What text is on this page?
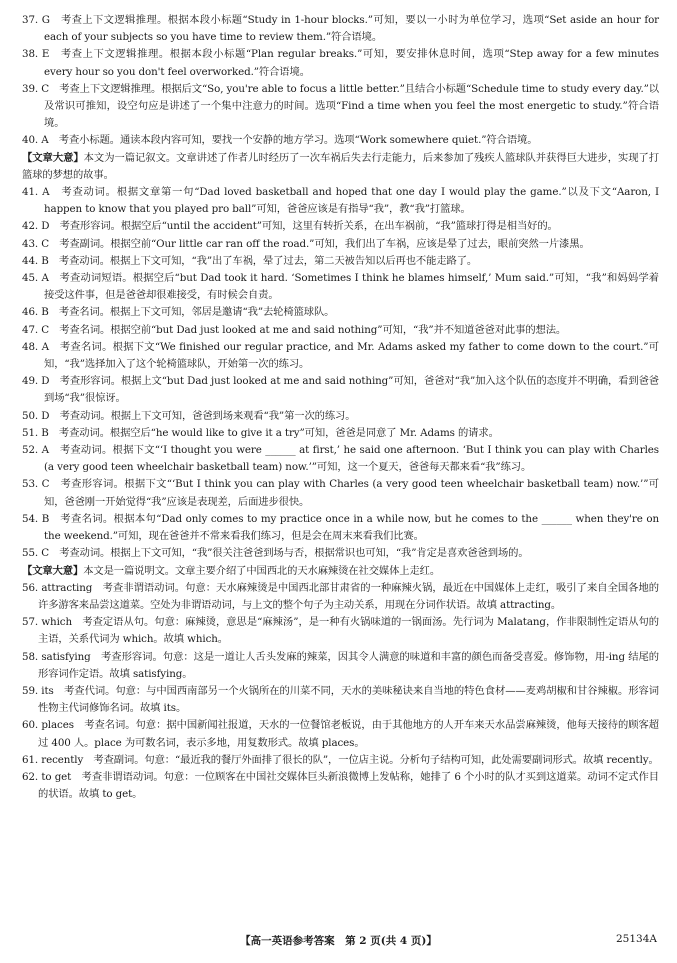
37. G　考查上下文逻辑推理。根据本段小标题“Study in 1-hour blocks.”可知，要以一小时为单位学习，选项“Set aside an hour for each of your subjects so you have time to review them.”符合语境。

38. E　考查上下文逻辑推理。根据本段小标题“Plan regular breaks.”可知，要安排休息时间，选项“Step away for a few minutes every hour so you don't feel overworked.”符合语境。

39. C　考查上下文逻辑推理。根据后文“So, you're able to focus a little better.”且结合小标题“Schedule time to study every day.”以及常识可推知，设空句应是讲述了一个集中注意力的时间。选项“Find a time when you feel the most energetic to study.”符合语境。

40. A　考查小标题。通读本段内容可知，要找一个安静的地方学习。选项“Work somewhere quiet.”符合语境。

【文章大意】本文为一篇记叙文。文章讲述了作者儿时经历了一次车祸后失去行走能力，后来参加了残疾人篮球队并获得巨大进步，实现了打篮球的梦想的故事。

41. A　考查动词。根据文章第一句“Dad loved basketball and hoped that one day I would play the game.”以及下文“Aaron, I happen to know that you played pro ball”可知，爸爸应该是有指导“我”，教“我”打篮球。

42. D　考查形容词。根据空后“until the accident”可知，这里有转折关系，在出车祸前，“我”篮球打得是相当好的。

43. C　考查副词。根据空前“Our little car ran off the road.”可知，我们出了车祸，应该是晕了过去，眼前突然一片漆黑。

44. B　考查动词。根据上下文可知，“我”出了车祸，晕了过去，第二天被告知以后再也不能走路了。

45. A　考查动词短语。根据空后“but Dad took it hard. ‘Sometimes I think he blames himself,’ Mum said.”可知，“我”和妈妈学着接受这件事，但是爸爸却很难接受，有时候会自责。

46. B　考查名词。根据上下文可知，邻居是邀请“我”去轮椅篮球队。

47. C　考查名词。根据空前“but Dad just looked at me and said nothing”可知，“我”并不知道爸爸对此事的想法。

48. A　考查名词。根据下文“We finished our regular practice, and Mr. Adams asked my father to come down to the court.”可知，“我”选择加入了这个轮椅篮球队，开始第一次的练习。

49. D　考查形容词。根据上文“but Dad just looked at me and said nothing”可知，爸爸对“我”加入这个队伍的态度并不明确，看到爸爸到场“我”很惊讶。

50. D　考查动词。根据上下文可知，爸爸到场来观看“我”第一次的练习。

51. B　考查动词。根据空后“he would like to give it a try”可知，爸爸是同意了 Mr. Adams 的请求。

52. A　考查动词。根据下文“‘I thought you were ______ at first,’ he said one afternoon. ‘But I think you can play with Charles (a very good teen wheelchair basketball team) now.’”可知，这一个夏天，爸爸每天都来看“我”练习。

53. C　考查形容词。根据下文“‘But I think you can play with Charles (a very good teen wheelchair basketball team) now.’”可知，爸爸刚一开始觉得“我”应该是表现差，后面进步很快。

54. B　考查名词。根据本句“Dad only comes to my practice once in a while now, but he comes to the ______ when they're on the weekend.”可知，现在爸爸并不常来看我们练习，但是会在周末来看我们比赛。

55. C　考查动词。根据上下文可知，“我”很关注爸爸到场与否，根据常识也可知，“我”肯定是喜欢爸爸到场的。

【文章大意】本文是一篇说明文。文章主要介绍了中国西北的天水麻辣烫在社交媒体上走红。

56. attracting　考查非谓语动词。句意：天水麻辣烫是中国西北部甘肃省的一种麻辣火锅，最近在中国媒体上走红，吸引了来自全国各地的许多游客来品尝这道菜。空处为非谓语动词，与上文的整个句子为主动关系，用现在分词作状语。故填 attracting。

57. which　考查定语从句。句意：麻辣烫，意思是“麻辣汤”，是一种有火锅味道的一锅面汤。先行词为 Malatang，作非限制性定语从句的主语，关系代词为 which。故填 which。

58. satisfying　考查形容词。句意：这是一道让人舌头发麻的辣菜，因其令人满意的味道和丰富的颜色而备受喜爱。修饰物，用-ing 结尾的形容词作定语。故填 satisfying。

59. its　考查代词。句意：与中国西南部另一个火锅所在的川菜不同，天水的美味秘诀来自当地的特色食材——麦鸡胡椒和甘谷辣椒。形容词性物主代词修饰名词。故填 its。

60. places　考查名词。句意：据中国新闻社报道，天水的一位餐馆老板说，由于其他地方的人开车来天水品尝麻辣烫，他每天接待的顾客超过 400 人。place 为可数名词，表示多地，用复数形式。故填 places。

61. recently　考查副词。句意：“最近我的餐厅外面排了很长的队”，一位店主说。分析句子结构可知，此处需要副词形式。故填 recently。

62. to get　考查非谓语动词。句意：一位顾客在中国社交媒体巨头新浪微博上发帖称，她排了 6 个小时的队才买到这道菜。动词不定式作目的状语。故填 to get。

【高一英语参考答案　第 2 页(共 4 页)】	25134A
